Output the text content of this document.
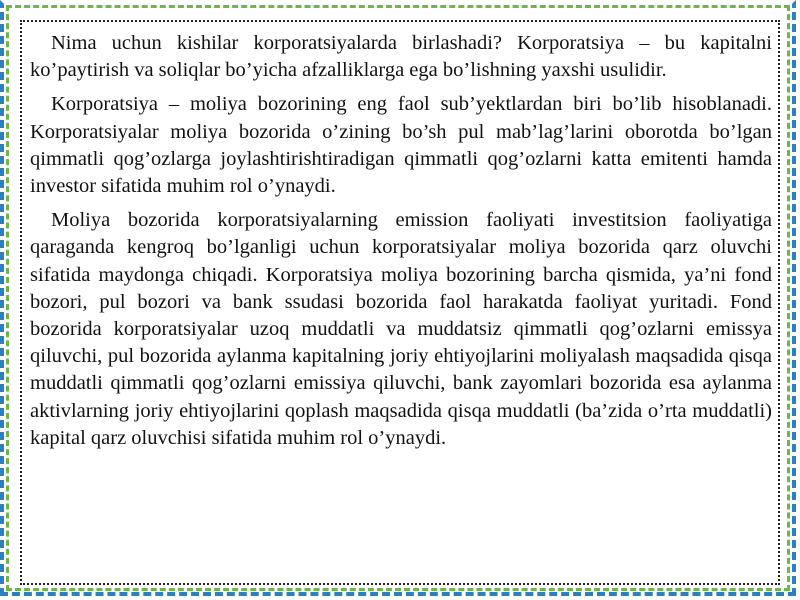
Nima uchun kishilar korporatsiyalarda birlashadi? Korporatsiya – bu kapitalni ko’paytirish va soliqlar bo’yicha afzalliklarga ega bo’lishning yaxshi usulidir.

Korporatsiya – moliya bozorining eng faol sub’yektlardan biri bo’lib hisoblanadi. Korporatsiyalar moliya bozorida o’zining bo’sh pul mab’lag’larini oborotda bo’lgan qimmatli qog’ozlarga joylashtirishtiradigan qimmatli qog’ozlarni katta emitenti hamda investor sifatida muhim rol o’ynaydi.

Moliya bozorida korporatsiyalarning emission faoliyati investitsion faoliyatiga qaraganda kengroq bo’lganligi uchun korporatsiyalar moliya bozorida qarz oluvchi sifatida maydonga chiqadi. Korporatsiya moliya bozorining barcha qismida, ya’ni fond bozori, pul bozori va bank ssudasi bozorida faol harakatda faoliyat yuritadi. Fond bozorida korporatsiyalar uzoq muddatli va muddatsiz qimmatli qog’ozlarni emissya qiluvchi, pul bozorida aylanma kapitalning joriy ehtiyojlarini moliyalash maqsadida qisqa muddatli qimmatli qog’ozlarni emissiya qiluvchi, bank zayomlari bozorida esa aylanma aktivlarning joriy ehtiyojlarini qoplash maqsadida qisqa muddatli (ba’zida o’rta muddatli) kapital qarz oluvchisi sifatida muhim rol o’ynaydi.
